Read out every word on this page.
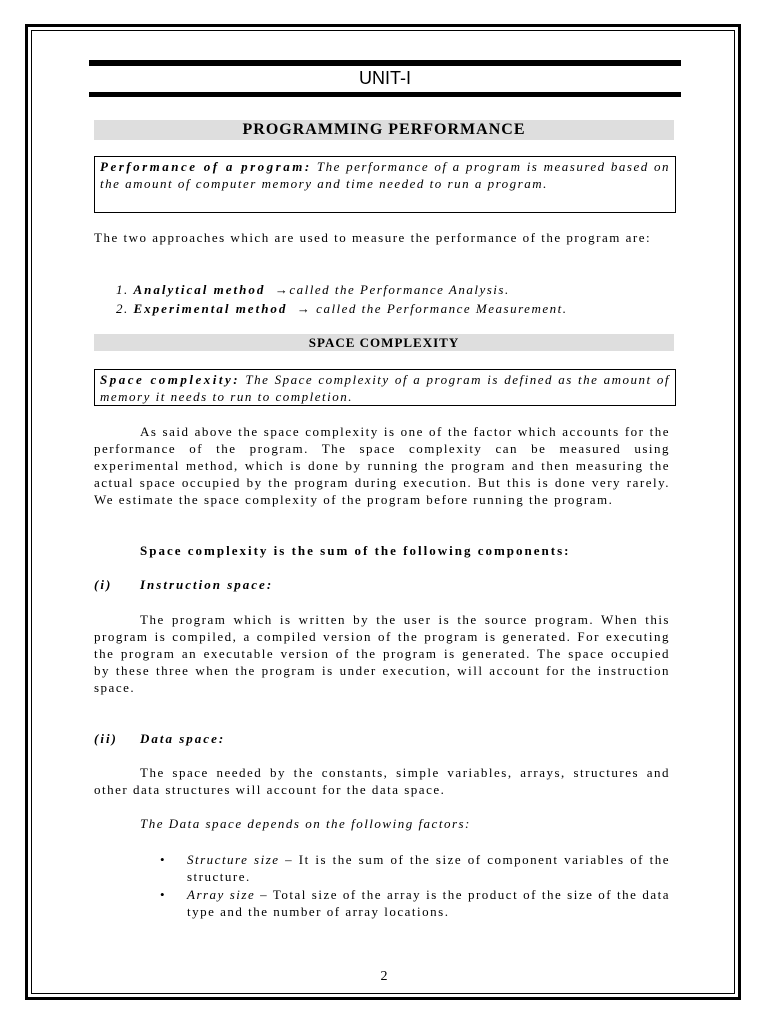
UNIT-I
PROGRAMMING PERFORMANCE
Performance of a program: The performance of a program is measured based on the amount of computer memory and time needed to run a program.
The two approaches which are used to measure the performance of the program are:
1. Analytical method →called the Performance Analysis.
2. Experimental method → called the Performance Measurement.
SPACE COMPLEXITY
Space complexity: The Space complexity of a program is defined as the amount of memory it needs to run to completion.
As said above the space complexity is one of the factor which accounts for the performance of the program. The space complexity can be measured using experimental method, which is done by running the program and then measuring the actual space occupied by the program during execution. But this is done very rarely. We estimate the space complexity of the program before running the program.
Space complexity is the sum of the following components:
(i) Instruction space:
The program which is written by the user is the source program. When this program is compiled, a compiled version of the program is generated. For executing the program an executable version of the program is generated. The space occupied by these three when the program is under execution, will account for the instruction space.
(ii) Data space:
The space needed by the constants, simple variables, arrays, structures and other data structures will account for the data space.
The Data space depends on the following factors:
• Structure size – It is the sum of the size of component variables of the structure.
• Array size – Total size of the array is the product of the size of the data type and the number of array locations.
2
